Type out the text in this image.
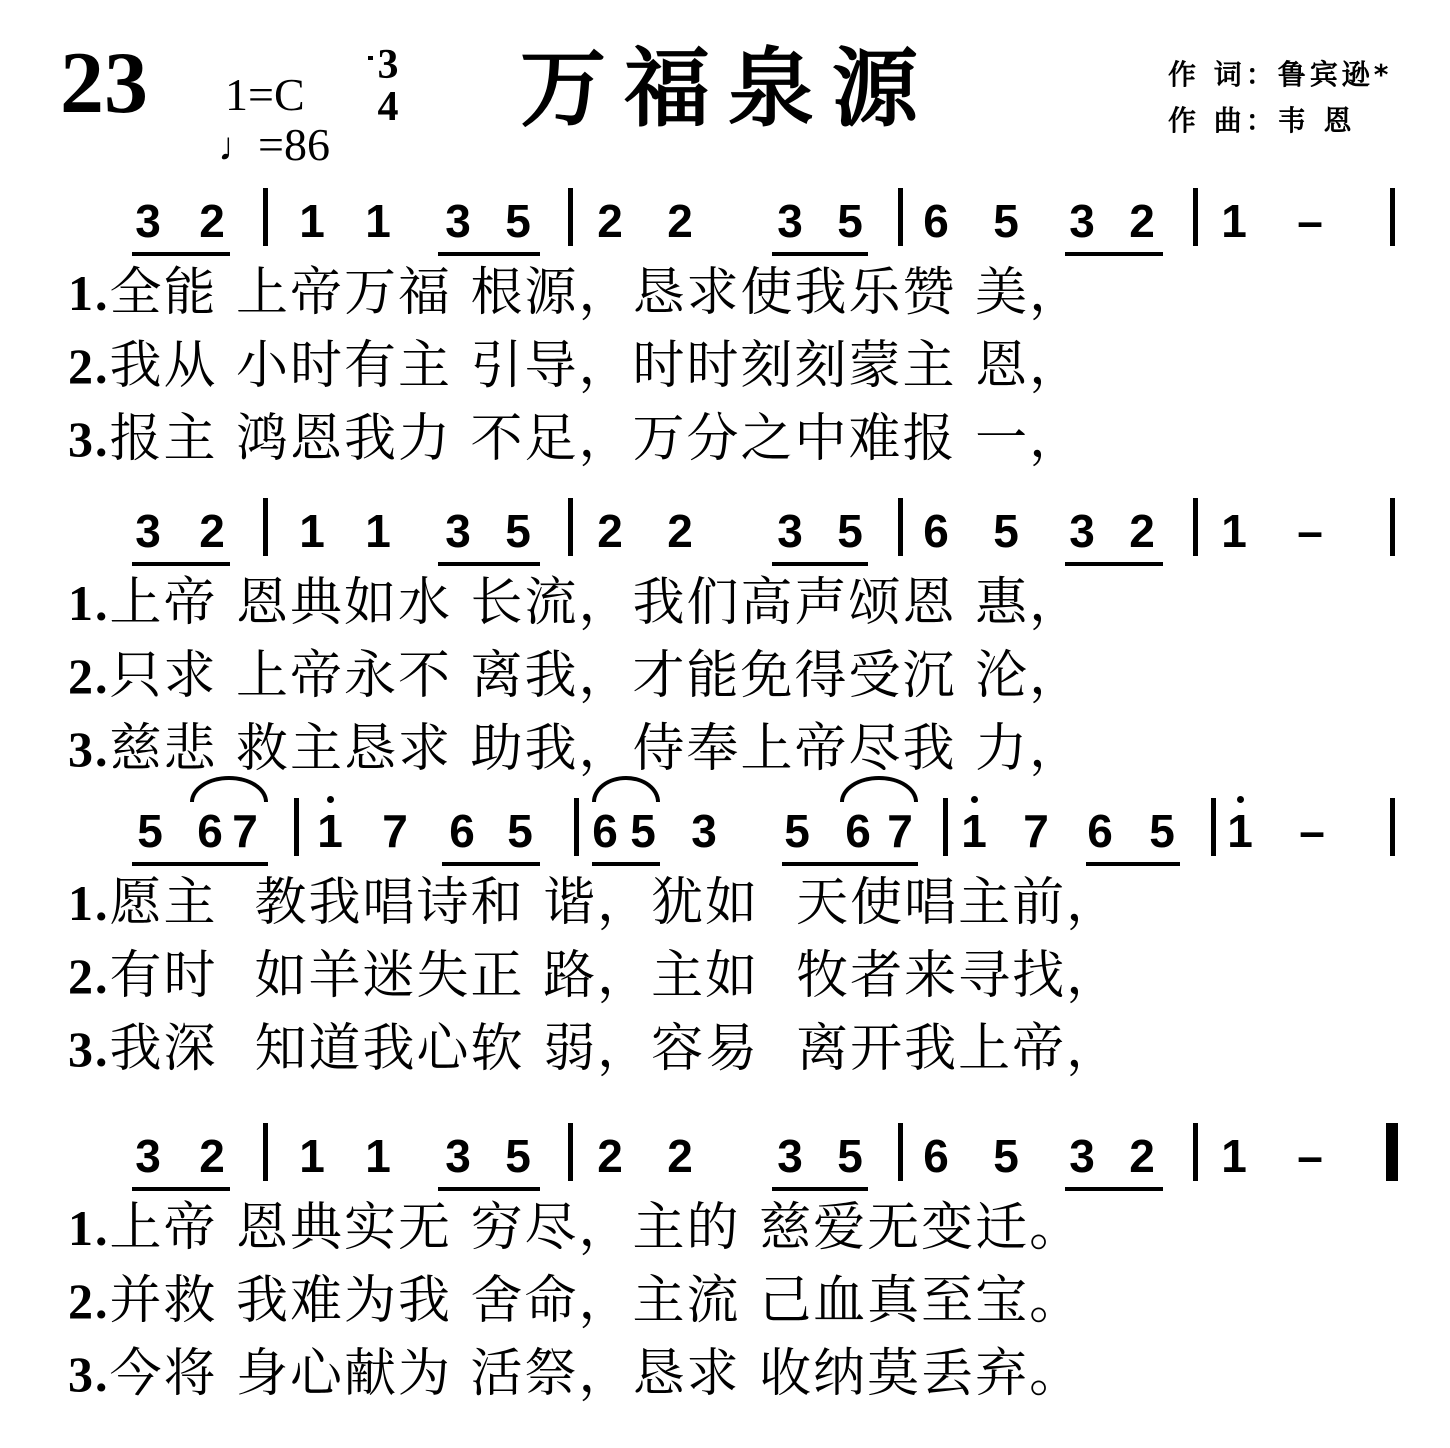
23 1=C
♩=86
3
4 万福泉源	作 词：鲁宾逊*
作 曲：韦 恩
3 2 1 1 3 5 2 2 3 5 6 5 3 2 1 –
1.全能 上帝万福 根源，恳求使我乐赞 美，
2.我从 小时有主 引导，时时刻刻蒙主 恩，
3.报主 鸿恩我力 不足，万分之中难报 一，
3 2 1 1 3 5 2 2 3 5 6 5 3 2 1 –
1.上帝 恩典如水 长流，我们高声颂恩 惠，
2.只求 上帝永不 离我，才能免得受沉 沦，
3.慈悲 救主恳求 助我，侍奉上帝尽我 力，
5 6 7 1 7 6 5 6 5 3 5 6 7 1 7 6 5 1 –
1.愿主  教我唱诗和 谐，犹如  天使唱主前，
2.有时  如羊迷失正 路，主如  牧者来寻找，
3.我深  知道我心软 弱，容易  离开我上帝，
3 2 1 1 3 5 2 2 3 5 6 5 3 2 1 –
1.上帝 恩典实无 穷尽，主的 慈爱无变迁。
2.并救 我难为我 舍命，主流 己血真至宝。
3.今将 身心献为 活祭，恳求 收纳莫丢弃。
